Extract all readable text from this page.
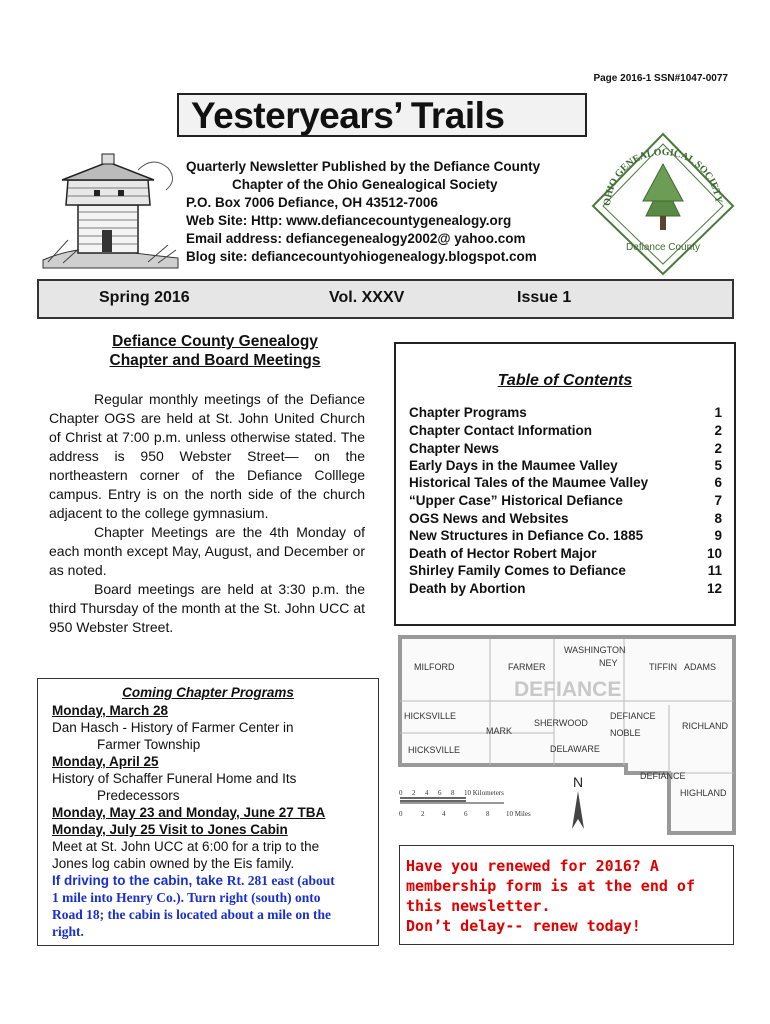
Page 2016-1 SSN#1047-0077
Yesteryears’ Trails
Quarterly Newsletter Published by the Defiance County
Chapter of the Ohio Genealogical Society
P.O. Box 7006 Defiance, OH 43512-7006
Web Site: Http: www.defiancecountygenealogy.org
Email address: defiancegenealogy2002@ yahoo.com
Blog site: defiancecountyohiogenealogy.blogspot.com
OHIO GENEALOGICAL SOCIETY
Defiance County
Spring 2016	Vol. XXXV	Issue 1
Defiance County Genealogy
Chapter and Board Meetings

Regular monthly meetings of the Defiance Chapter OGS are held at St. John United Church of Christ at 7:00 p.m. unless otherwise stated. The address is 950 Webster Street— on the northeastern corner of the Defiance Colllege campus. Entry is on the north side of the church adjacent to the college gymnasium.

Chapter Meetings are the 4th Monday of each month except May, August, and December or as noted.

Board meetings are held at 3:30 p.m. the third Thursday of the month at the St. John UCC at 950 Webster Street.

Table of Contents
Chapter Programs	1
Chapter Contact Information	2
Chapter News	2
Early Days in the Maumee Valley	5
Historical Tales of the Maumee Valley	6
“Upper Case” Historical Defiance	7
OGS News and Websites	8
New Structures in Defiance Co. 1885	9
Death of Hector Robert Major	10
Shirley Family Comes to Defiance	11
Death by Abortion	12
MILFORD	FARMER WASHINGTON TIFFIN ADAMS HICKSVILLE MARK SHERWOOD DEFIANCE NOBLE RICHLAND HICKSVILLE	DELAWARE DEFIANCE HIGHLAND NEY
DEFIANCE
N
0 2 4 6 8 10 Kilometers 0	2	4	6	8 10 Miles
Coming Chapter Programs
Monday, March 28
Dan Hasch - History of Farmer Center in
Farmer Township
Monday, April 25
History of Schaffer Funeral Home and Its
Predecessors
Monday, May 23 and Monday, June 27 TBA
Monday, July 25 Visit to Jones Cabin
Meet at St. John UCC at 6:00 for a trip to the
Jones log cabin owned by the Eis family.
If driving to the cabin, take Rt. 281 east (about
1 mile into Henry Co.). Turn right (south) onto
Road 18; the cabin is located about a mile on the
right.
Have you renewed for 2016? A
membership form is at the end of
this newsletter.
Don’t delay-- renew today!
